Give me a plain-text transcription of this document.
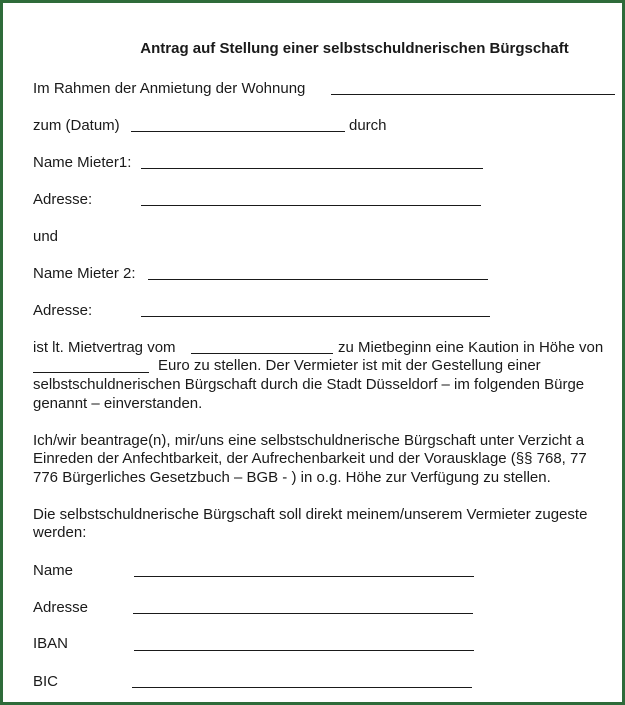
Antrag auf Stellung einer selbstschuldnerischen Bürgschaft
Im Rahmen der Anmietung der Wohnung
zum (Datum)	durch
Name Mieter1:
Adresse:
und
Name Mieter 2:
Adresse:
ist lt. Mietvertrag vom	zu Mietbeginn eine Kaution in Höhe von
Euro zu stellen. Der Vermieter ist mit der Gestellung einer
selbstschuldnerischen Bürgschaft durch die Stadt Düsseldorf – im folgenden Bürge
genannt – einverstanden.
Ich/wir beantrage(n), mir/uns eine selbstschuldnerische Bürgschaft unter Verzicht a
Einreden der Anfechtbarkeit, der Aufrechenbarkeit und der Vorausklage (§§ 768, 77
776 Bürgerliches Gesetzbuch – BGB - ) in o.g. Höhe zur Verfügung zu stellen.
Die selbstschuldnerische Bürgschaft soll direkt meinem/unserem Vermieter zugeste
werden:
Name
Adresse
IBAN
BIC
